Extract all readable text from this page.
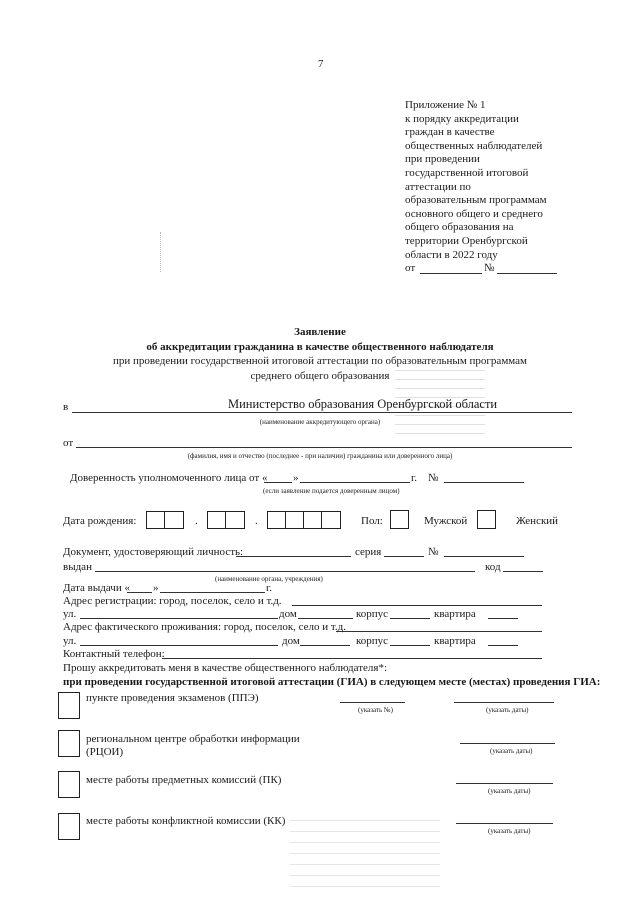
7
Приложение № 1
к порядку аккредитации
граждан в качестве
общественных наблюдателей
при проведении
государственной итоговой
аттестации по
образовательным программам
основного общего и среднего
общего образования на
территории Оренбургской
области в 2022 году
от	№
Заявление
об аккредитации гражданина в качестве общественного наблюдателя
при проведении государственной итоговой аттестации по образовательным программам
среднего общего образования
в	Министерство образования Оренбургской области
(наименование аккредитующего органа)
от
(фамилия, имя и отчество (последнее - при наличии) гражданина или доверенного лица)
Доверенность уполномоченного лица от « »	г. №
(если заявление подается доверенным лицом)
Дата рождения:	.	.	Пол:	Мужской	Женский
Документ, удостоверяющий личность:	серия	№
выдан	код
(наименование органа, учреждения)
Дата выдачи « »	г.
Адрес регистрации: город, поселок, село и т.д.
ул.	дом	корпус	квартира
Адрес фактического проживания: город, поселок, село и т.д.
ул.	дом	корпус	квартира
Контактный телефон:
Прошу аккредитовать меня в качестве общественного наблюдателя*:
при проведении государственной итоговой аттестации (ГИА) в следующем месте (местах) проведения ГИА:
пункте проведения экзаменов (ППЭ)
(указать №)	(указать даты)
региональном центре обработки информации
(РЦОИ)	(указать даты)
месте работы предметных комиссий (ПК)
(указать даты)
месте работы конфликтной комиссии (КК)
(указать даты)
